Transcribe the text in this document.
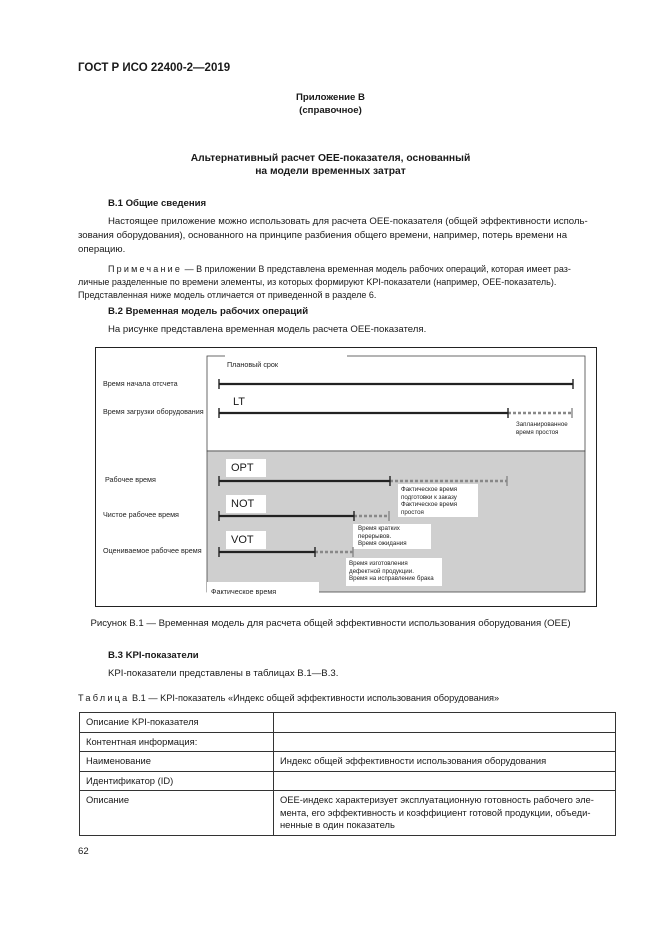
ГОСТ Р ИСО 22400-2—2019
Приложение В
(справочное)
Альтернативный расчет OEE-показателя, основанный
на модели временных затрат
В.1 Общие сведения
Настоящее приложение можно использовать для расчета OEE-показателя (общей эффективности исполь-
зования оборудования), основанного на принципе разбиения общего времени, например, потерь времени на
операцию.
Примечание — В приложении В представлена временная модель рабочих операций, которая имеет раз-
личные разделенные по времени элементы, из которых формируют KPI-показатели (например, OEE-показатель).
Представленная ниже модель отличается от приведенной в разделе 6.
В.2 Временная модель рабочих операций
На рисунке представлена временная модель расчета OEE-показателя.
Плановый срок
Фактическое время
Время начала отсчета
Время загрузки оборудования
Рабочее время
Чистое рабочее время
Оцениваемое рабочее время
LT
OPT
NOT
VOT
Запланированное
время простоя
Фактическое время
подготовки к заказу
Фактическое время
простоя
Время кратких
перерывов.
Время ожидания
Время изготовления
дефектной продукции.
Время на исправление брака
Рисунок В.1 — Временная модель для расчета общей эффективности использования оборудования (OEE)
В.3 KPI-показатели
KPI-показатели представлены в таблицах В.1—В.3.
Таблица В.1 — KPI-показатель «Индекс общей эффективности использования оборудования»
Описание KPI-показателя	
Контентная информация:	
Наименование	Индекс общей эффективности использования оборудования
Идентификатор (ID)	
Описание	OEE-индекс характеризует эксплуатационную готовность рабочего эле-
мента, его эффективность и коэффициент готовой продукции, объеди-
ненные в один показатель
62
